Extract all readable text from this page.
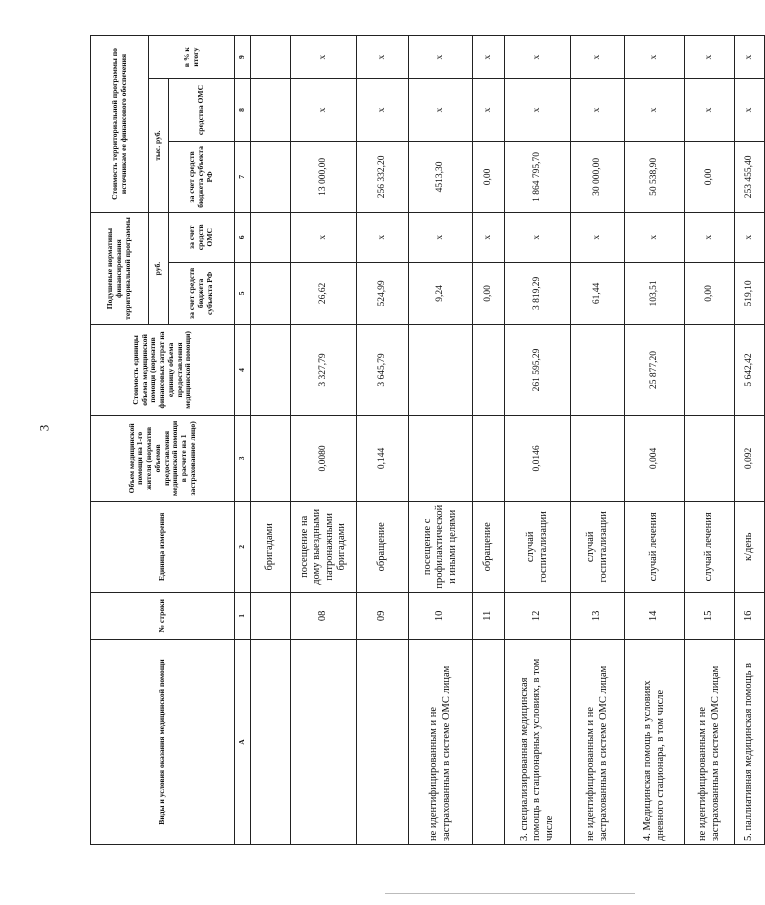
3
Виды и условия оказания медицинской помощи	№ строки	Единица измерения	Объем медицинской помощи на 1-го жителя (норматив объемов предоставления медицинской помощи в расчете на 1 застрахованное лицо)	Стоимость единицы объема медицинской помощи (норматив финансовых затрат на единицу объема предоставления медицинской помощи)	Подушевые нормативы финансирования территориальной программы		Стоимость территориальной программы по источникам ее финансового обеспечения		
					руб.		тыс. руб.		в % к итогу
					за счет средств бюджета субъекта РФ	за счет средств ОМС	за счет средств бюджета субъекта РФ	средства ОМС	
А	1	2	3	4	5	6	7	8	9
		бригадами							
	08	посещение на дому выездными патронажными бригадами	0,0080	3 327,79	26,62	х	13 000,00	х	х
	09	обращение	0,144	3 645,79	524,99	х	256 332,20	х	х
не идентифицированным и не застрахованным в системе ОМС лицам	10	посещение с профилактической и иными целями			9,24	х	4513,30	х	х
	11	обращение			0,00	х	0,00	х	х
3. специализированная медицинская помощь в стационарных условиях, в том числе	12	случай госпитализации	0,0146	261 595,29	3 819,29	х	1 864 795,70	х	х
не идентифицированным и не застрахованным в системе ОМС лицам	13	случай госпитализации			61,44	х	30 000,00	х	х
4. Медицинская помощь в условиях дневного стационара, в том числе	14	случай лечения	0,004	25 877,20	103,51	х	50 538,90	х	х
не идентифицированным и не застрахованным в системе ОМС лицам	15	случай лечения			0,00	х	0,00	х	х
5. паллиативная медицинская помощь в	16	к/день	0,092	5 642,42	519,10	х	253 455,40	х	х
